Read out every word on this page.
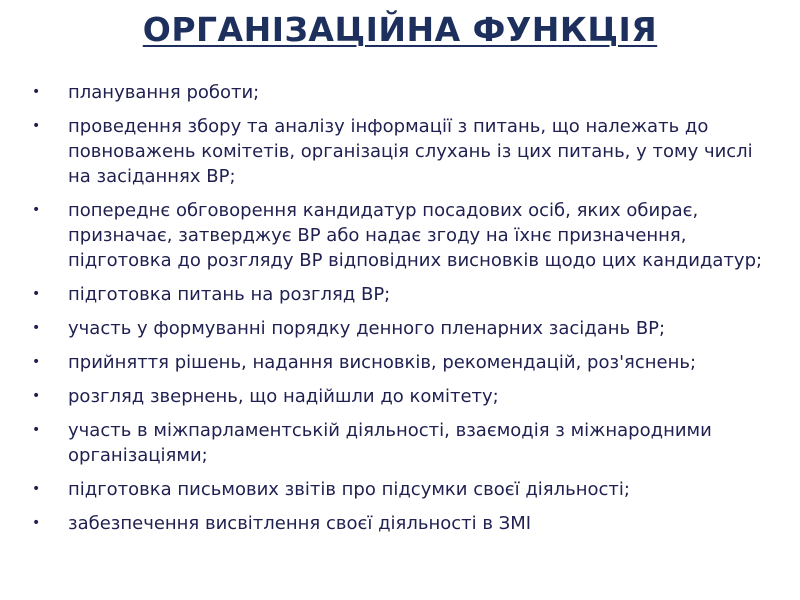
ОРГАНІЗАЦІЙНА ФУНКЦІЯ
•	планування роботи;
•	проведення збору та аналізу інформації з питань, що належать до повноважень комітетів, організація слухань із цих питань, у тому числі на засіданнях ВР;
•	попереднє обговорення кандидатур посадових осіб, яких обирає, призначає, затверджує ВР або надає згоду на їхнє призначення, підготовка до розгляду ВР відповідних висновків щодо цих кандидатур;
•	підготовка питань на розгляд ВР;
•	участь у формуванні порядку денного пленарних засідань ВР;
•	прийняття рішень, надання висновків, рекомендацій, роз'яснень;
•	розгляд звернень, що надійшли до комітету;
•	участь в міжпарламентській діяльності, взаємодія з міжнародними організаціями;
•	підготовка письмових звітів про підсумки своєї діяльності;
•	забезпечення висвітлення своєї діяльності в ЗМІ
